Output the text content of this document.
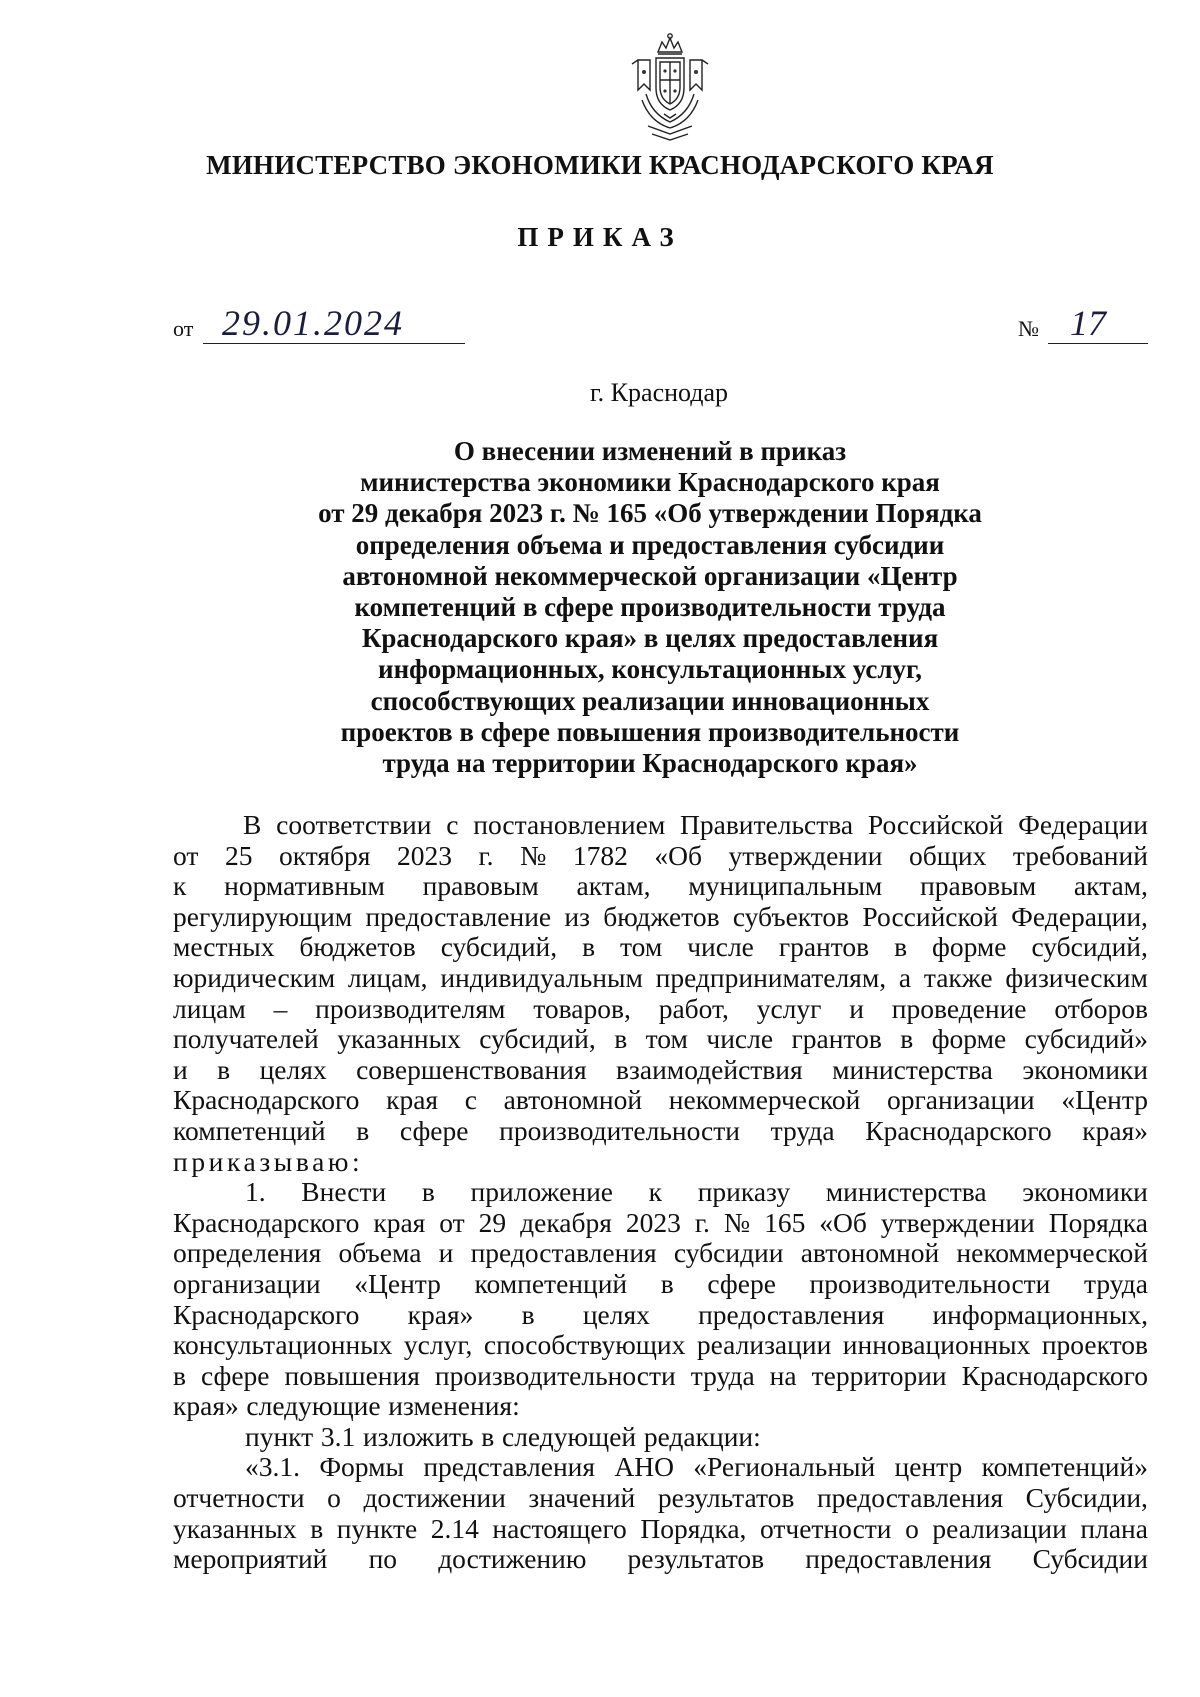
МИНИСТЕРСТВО ЭКОНОМИКИ КРАСНОДАРСКОГО КРАЯ
ПРИКАЗ
от 29.01.2024	№ 17
г. Краснодар
О внесении изменений в приказ
министерства экономики Краснодарского края
от 29 декабря 2023 г. № 165 «Об утверждении Порядка
определения объема и предоставления субсидии
автономной некоммерческой организации «Центр
компетенций в сфере производительности труда
Краснодарского края» в целях предоставления
информационных, консультационных услуг,
способствующих реализации инновационных
проектов в сфере повышения производительности
труда на территории Краснодарского края»
В соответствии с постановлением Правительства Российской Федерации
от 25 октября 2023 г. № 1782 «Об утверждении общих требований
к нормативным правовым актам, муниципальным правовым актам,
регулирующим предоставление из бюджетов субъектов Российской Федерации,
местных бюджетов субсидий, в том числе грантов в форме субсидий,
юридическим лицам, индивидуальным предпринимателям, а также физическим
лицам – производителям товаров, работ, услуг и проведение отборов
получателей указанных субсидий, в том числе грантов в форме субсидий»
и в целях совершенствования взаимодействия министерства экономики
Краснодарского края с автономной некоммерческой организации «Центр
компетенций в сфере производительности труда Краснодарского края»
приказываю:
1. Внести в приложение к приказу министерства экономики
Краснодарского края от 29 декабря 2023 г. № 165 «Об утверждении Порядка
определения объема и предоставления субсидии автономной некоммерческой
организации «Центр компетенций в сфере производительности труда
Краснодарского края» в целях предоставления информационных,
консультационных услуг, способствующих реализации инновационных проектов
в сфере повышения производительности труда на территории Краснодарского
края» следующие изменения:
пункт 3.1 изложить в следующей редакции:
«3.1. Формы представления АНО «Региональный центр компетенций»
отчетности о достижении значений результатов предоставления Субсидии,
указанных в пункте 2.14 настоящего Порядка, отчетности о реализации плана
мероприятий по достижению результатов предоставления Субсидии
